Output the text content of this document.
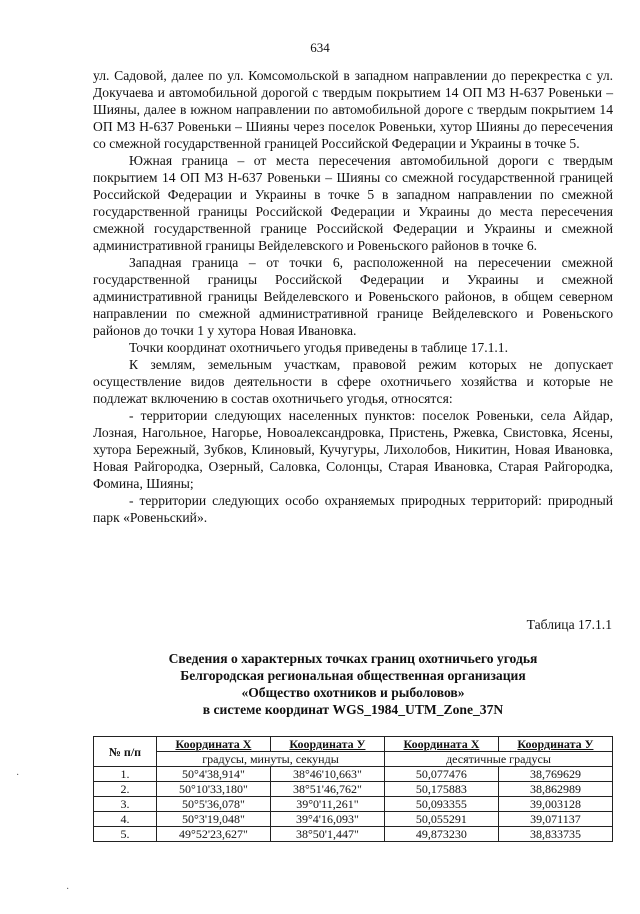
634

ул. Садовой, далее по ул. Комсомольской в западном направлении до перекрестка с ул. Докучаева и автомобильной дорогой с твердым покрытием 14 ОП МЗ Н-637 Ровеньки – Шияны, далее в южном направлении по автомобильной дороге с твердым покрытием 14 ОП МЗ Н-637 Ровеньки – Шияны через поселок Ровеньки, хутор Шияны до пересечения со смежной государственной границей Российской Федерации и Украины в точке 5.

Южная граница – от места пересечения автомобильной дороги с твердым покрытием 14 ОП МЗ Н-637 Ровеньки – Шияны со смежной государственной границей Российской Федерации и Украины в точке 5 в западном направлении по смежной государственной границы Российской Федерации и Украины до места пересечения смежной государственной границе Российской Федерации и Украины и смежной административной границы Вейделевского и Ровеньского районов в точке 6.

Западная граница – от точки 6, расположенной на пересечении смежной государственной границы Российской Федерации и Украины и смежной административной границы Вейделевского и Ровеньского районов, в общем северном направлении по смежной административной границе Вейделевского и Ровеньского районов до точки 1 у хутора Новая Ивановка.

Точки координат охотничьего угодья приведены в таблице 17.1.1.

К землям, земельным участкам, правовой режим которых не допускает осуществление видов деятельности в сфере охотничьего хозяйства и которые не подлежат включению в состав охотничьего угодья, относятся:

- территории следующих населенных пунктов: поселок Ровеньки, села Айдар, Лозная, Нагольное, Нагорье, Новоалександровка, Пристень, Ржевка, Свистовка, Ясены, хутора Бережный, Зубков, Клиновый, Кучугуры, Лихолобов, Никитин, Новая Ивановка, Новая Райгородка, Озерный, Саловка, Солонцы, Старая Ивановка, Старая Райгородка, Фомина, Шияны;

- территории следующих особо охраняемых природных территорий: природный парк «Ровеньский».

Таблица 17.1.1
Сведения о характерных точках границ охотничьего угодья
Белгородская региональная общественная организация
«Общество охотников и рыболовов»
в системе координат WGS_1984_UTM_Zone_37N
№ п/п	Координата X	Координата У	Координата X	Координата У
	градусы, минуты, секунды		десятичные градусы	
1.	50°4'38,914"	38°46'10,663"	50,077476	38,769629
2.	50°10'33,180"	38°51'46,762"	50,175883	38,862989
3.	50°5'36,078"	39°0'11,261"	50,093355	39,003128
4.	50°3'19,048"	39°4'16,093"	50,055291	39,071137
5.	49°52'23,627"	38°50'1,447"	49,873230	38,833735
·
·
